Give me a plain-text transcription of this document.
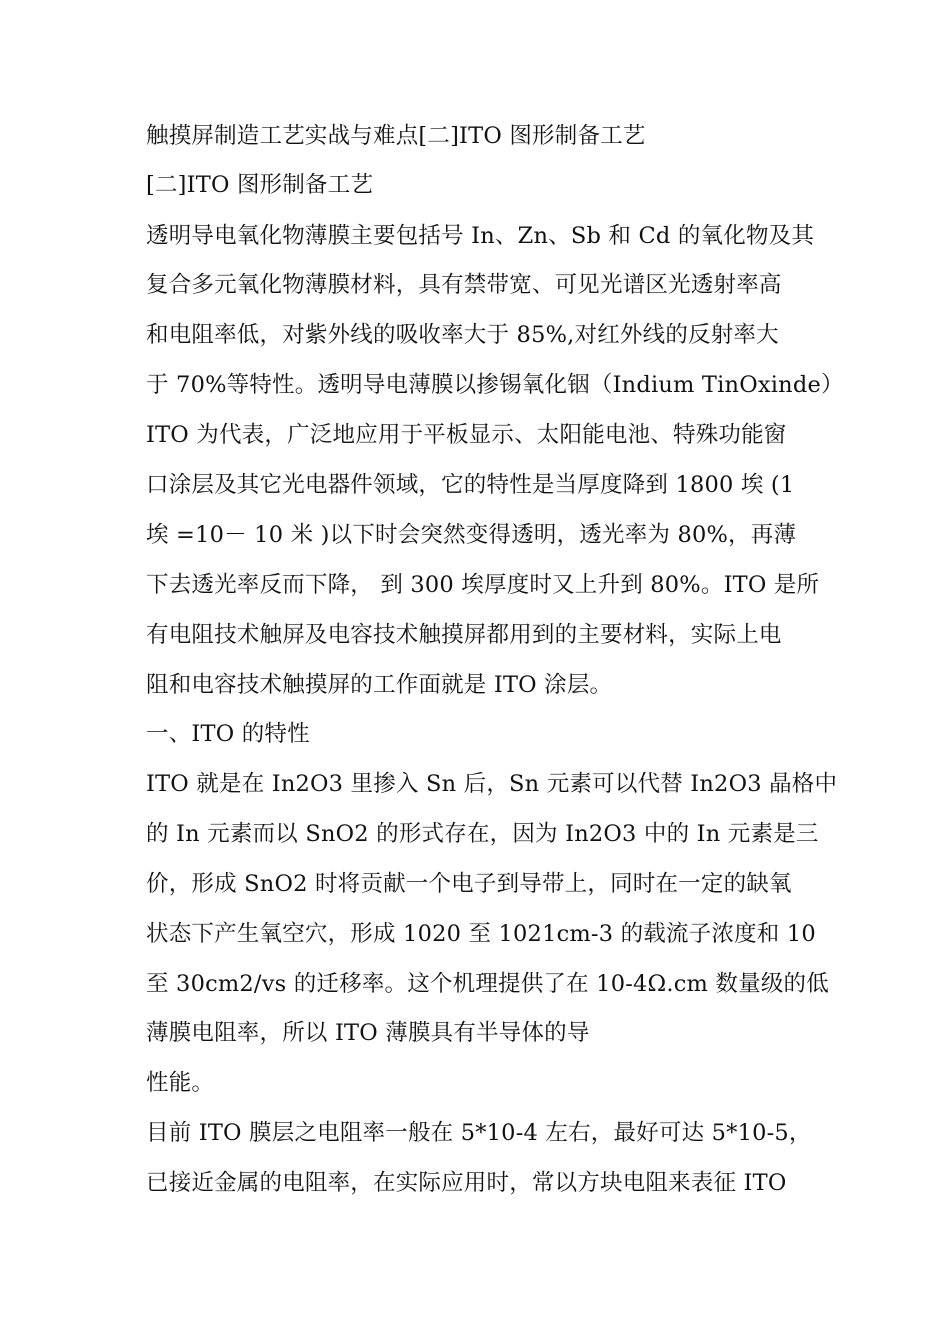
触摸屏制造工艺实战与难点[二]ITO 图形制备工艺
[二]ITO 图形制备工艺
透明导电氧化物薄膜主要包括号 In、Zn、Sb 和 Cd 的氧化物及其
复合多元氧化物薄膜材料，具有禁带宽、可见光谱区光透射率高
和电阻率低，对紫外线的吸收率大于 85%,对红外线的反射率大
于 70%等特性。透明导电薄膜以掺锡氧化铟（Indium TinOxinde）
ITO 为代表，广泛地应用于平板显示、太阳能电池、特殊功能窗
口涂层及其它光电器件领域，它的特性是当厚度降到 1800 埃 (1
埃 =10－ 10 米 )以下时会突然变得透明，透光率为 80%，再薄
下去透光率反而下降， 到 300 埃厚度时又上升到 80%。ITO 是所
有电阻技术触屏及电容技术触摸屏都用到的主要材料，实际上电
阻和电容技术触摸屏的工作面就是 ITO 涂层。
一、ITO 的特性
ITO 就是在 In2O3 里掺入 Sn 后，Sn 元素可以代替 In2O3 晶格中
的 In 元素而以 SnO2 的形式存在，因为 In2O3 中的 In 元素是三
价，形成 SnO2 时将贡献一个电子到导带上，同时在一定的缺氧
状态下产生氧空穴，形成 1020 至 1021cm-3 的载流子浓度和 10
至 30cm2/vs 的迁移率。这个机理提供了在 10-4Ω.cm 数量级的低
薄膜电阻率，所以 ITO 薄膜具有半导体的导
性能。
目前 ITO 膜层之电阻率一般在 5*10-4 左右，最好可达 5*10-5，
已接近金属的电阻率，在实际应用时，常以方块电阻来表征 ITO
